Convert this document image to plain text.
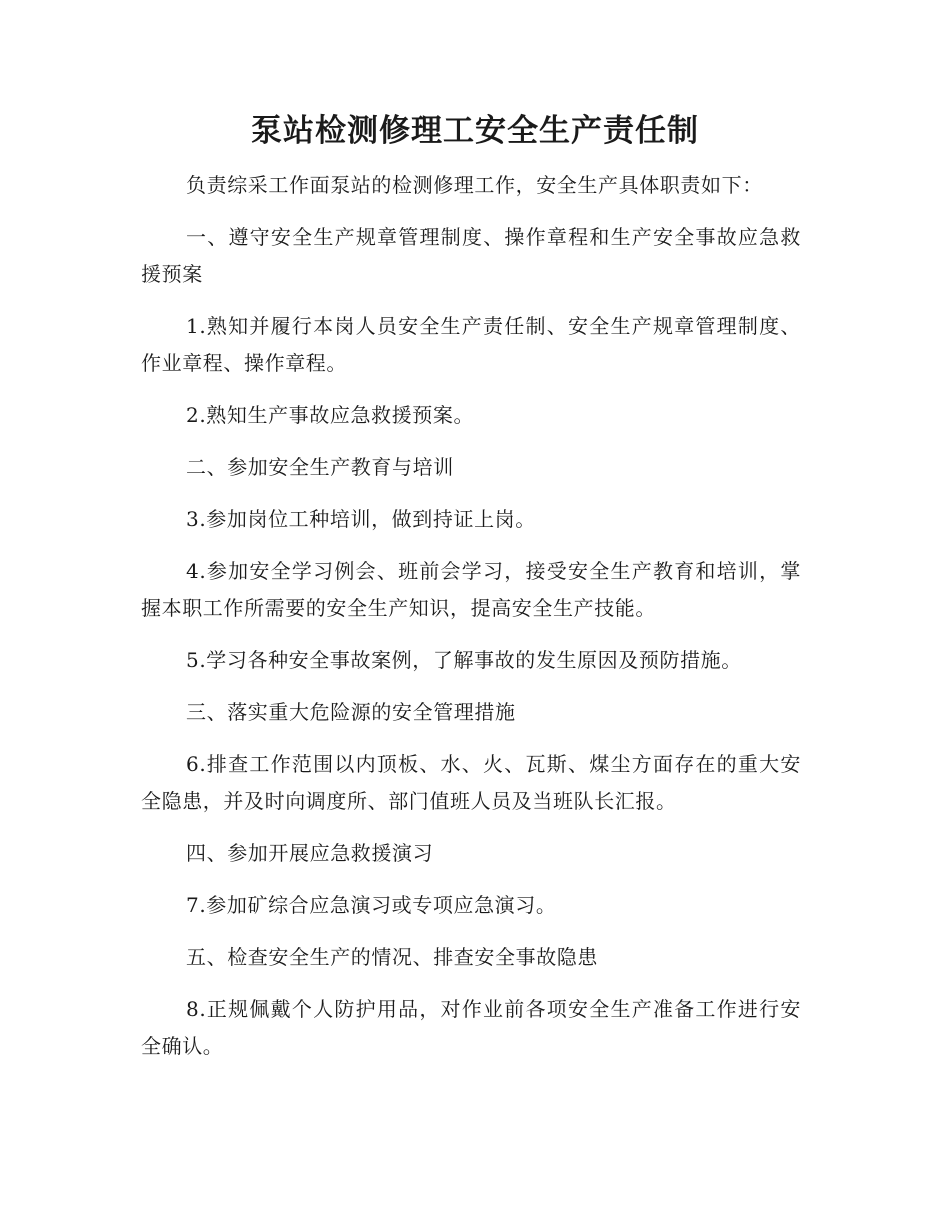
泵站检测修理工安全生产责任制

负责综采工作面泵站的检测修理工作，安全生产具体职责如下：

一、遵守安全生产规章管理制度、操作章程和生产安全事故应急救援预案

1.熟知并履行本岗人员安全生产责任制、安全生产规章管理制度、作业章程、操作章程。

2.熟知生产事故应急救援预案。

二、参加安全生产教育与培训

3.参加岗位工种培训，做到持证上岗。

4.参加安全学习例会、班前会学习，接受安全生产教育和培训，掌握本职工作所需要的安全生产知识，提高安全生产技能。

5.学习各种安全事故案例，了解事故的发生原因及预防措施。

三、落实重大危险源的安全管理措施

6.排查工作范围以内顶板、水、火、瓦斯、煤尘方面存在的重大安全隐患，并及时向调度所、部门值班人员及当班队长汇报。

四、参加开展应急救援演习

7.参加矿综合应急演习或专项应急演习。

五、检查安全生产的情况、排查安全事故隐患

8.正规佩戴个人防护用品，对作业前各项安全生产准备工作进行安全确认。
